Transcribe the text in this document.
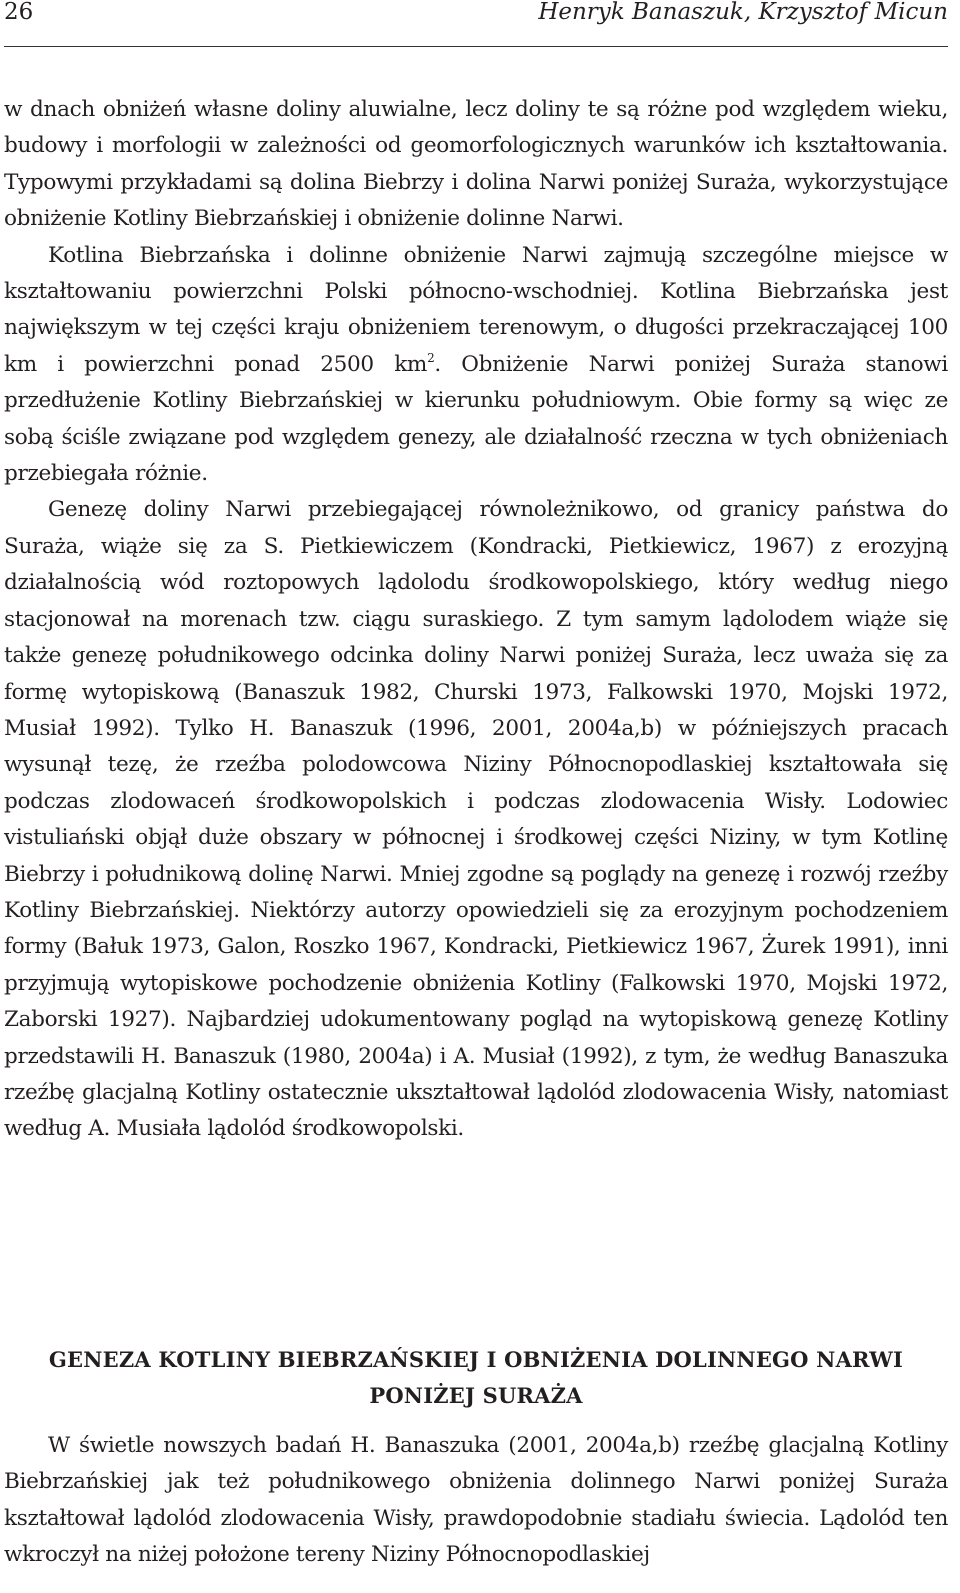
26	Henryk Banaszuk, Krzysztof Micun

w dnach obniżeń własne doliny aluwialne, lecz doliny te są różne pod względem wieku, budowy i morfologii w zależności od geomorfologicznych warunków ich kształtowania. Typowymi przykładami są dolina Biebrzy i dolina Narwi poniżej Suraża, wykorzystujące obniżenie Kotliny Biebrzańskiej i obniżenie dolinne Narwi.

Kotlina Biebrzańska i dolinne obniżenie Narwi zajmują szczególne miejsce w kształtowaniu powierzchni Polski północno-wschodniej. Kotlina Biebrzańska jest największym w tej części kraju obniżeniem terenowym, o długości przekraczającej 100 km i powierzchni ponad 2500 $km^2$. Obniżenie Narwi poniżej Suraża stanowi przedłużenie Kotliny Biebrzańskiej w kierunku południowym. Obie formy są więc ze sobą ściśle związane pod względem genezy, ale działalność rzeczna w tych obniżeniach przebiegała różnie.

Genezę doliny Narwi przebiegającej równoleżnikowo, od granicy państwa do Suraża, wiąże się za S. Pietkiewiczem (Kondracki, Pietkiewicz, 1967) z erozyjną działalnością wód roztopowych lądolodu środkowopolskiego, który według niego stacjonował na morenach tzw. ciągu suraskiego. Z tym samym lądolodem wiąże się także genezę południkowego odcinka doliny Narwi poniżej Suraża, lecz uważa się za formę wytopiskową (Banaszuk 1982, Churski 1973, Falkowski 1970, Mojski 1972, Musiał 1992). Tylko H. Banaszuk (1996, 2001, 2004a,b) w późniejszych pracach wysunął tezę, że rzeźba polodowcowa Niziny Północnopodlaskiej kształtowała się podczas zlodowaceń środkowopolskich i podczas zlodowacenia Wisły. Lodowiec vistuliański objął duże obszary w północnej i środkowej części Niziny, w tym Kotlinę Biebrzy i południkową dolinę Narwi. Mniej zgodne są poglądy na genezę i rozwój rzeźby Kotliny Biebrzańskiej. Niektórzy autorzy opowiedzieli się za erozyjnym pochodzeniem formy (Bałuk 1973, Galon, Roszko 1967, Kondracki, Pietkiewicz 1967, Żurek 1991), inni przyjmują wytopiskowe pochodzenie obniżenia Kotliny (Falkowski 1970, Mojski 1972, Zaborski 1927). Najbardziej udokumentowany pogląd na wytopiskową genezę Kotliny przedstawili H. Banaszuk (1980, 2004a) i A. Musiał (1992), z tym, że według Banaszuka rzeźbę glacjalną Kotliny ostatecznie ukształtował lądolód zlodowacenia Wisły, natomiast według A. Musiała lądolód środkowopolski.

GENEZA KOTLINY BIEBRZAŃSKIEJ I OBNIŻENIA DOLINNEGO NARWI
PONIŻEJ SURAŻA

W świetle nowszych badań H. Banaszuka (2001, 2004a,b) rzeźbę glacjalną Kotliny Biebrzańskiej jak też południkowego obniżenia dolinnego Narwi poniżej Suraża kształtował lądolód zlodowacenia Wisły, prawdopodobnie stadiału świecia. Lądolód ten wkroczył na niżej położone tereny Niziny Północnopodlaskiej
